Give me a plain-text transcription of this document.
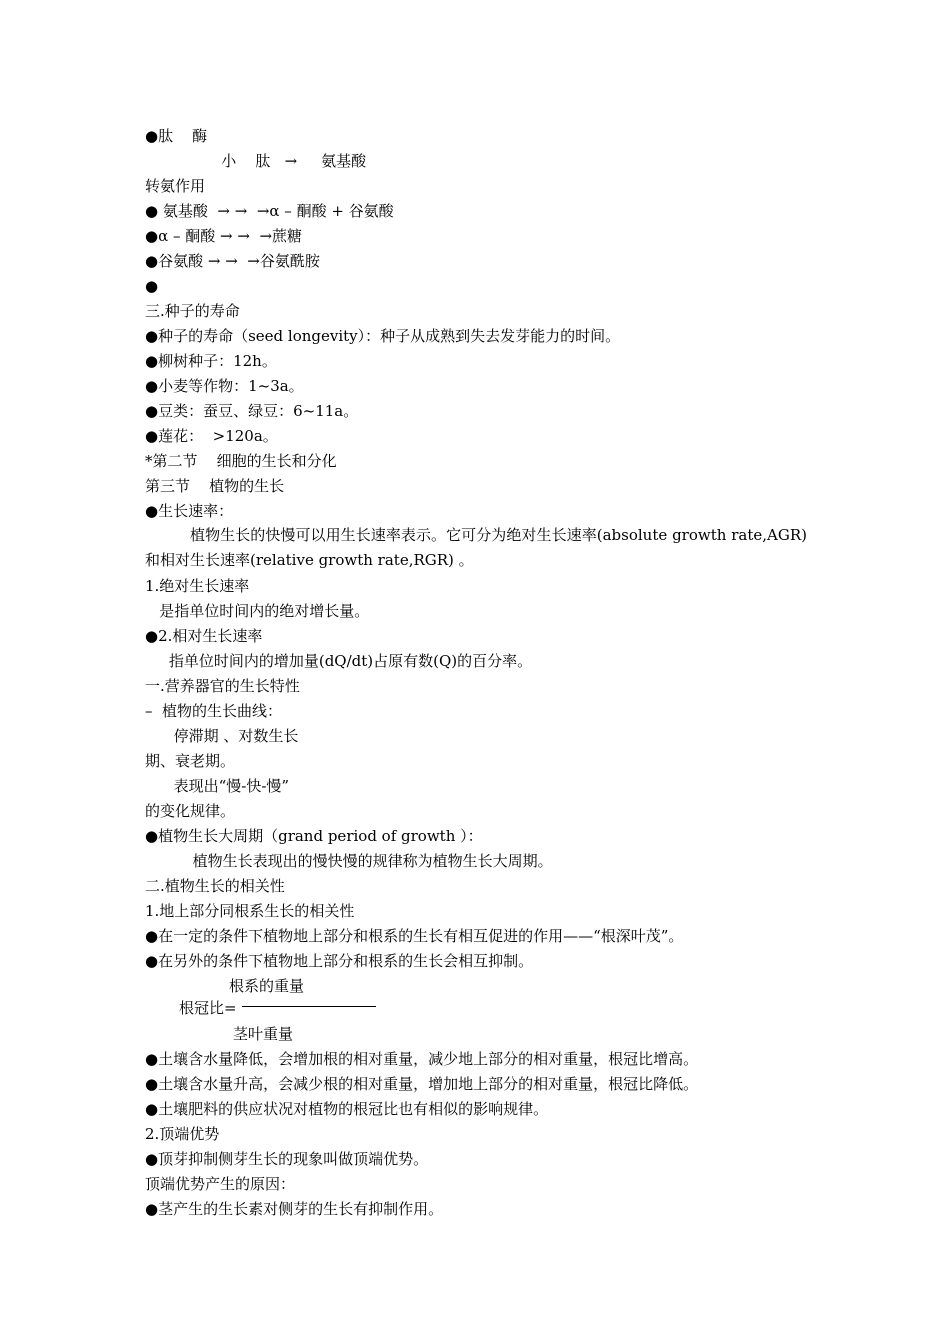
●肽    酶
小    肽   →     氨基酸
转氨作用
● 氨基酸  → →  →α – 酮酸 + 谷氨酸
●α – 酮酸 → →  →蔗糖
●谷氨酸 → →  →谷氨酰胺
●
三.种子的寿命
●种子的寿命（seed longevity）：种子从成熟到失去发芽能力的时间。
●柳树种子：12h。
●小麦等作物：1~3a。
●豆类：蚕豆、绿豆：6~11a。
●莲花：  >120a。
*第二节    细胞的生长和分化
第三节    植物的生长
●生长速率：
植物生长的快慢可以用生长速率表示。它可分为绝对生长速率(absolute growth rate,AGR)和相对生长速率(relative growth rate,RGR) 。
1.绝对生长速率
是指单位时间内的绝对增长量。
●2.相对生长速率
指单位时间内的增加量(dQ/dt)占原有数(Q)的百分率。
一.营养器官的生长特性
–  植物的生长曲线：
停滞期 、对数生长
期、衰老期。
表现出“慢-快-慢”
的变化规律。
●植物生长大周期（grand period of growth ）：
植物生长表现出的慢快慢的规律称为植物生长大周期。
二.植物生长的相关性
1.地上部分同根系生长的相关性
●在一定的条件下植物地上部分和根系的生长有相互促进的作用——“根深叶茂”。
●在另外的条件下植物地上部分和根系的生长会相互抑制。
根系的重量
根冠比=
茎叶重量
●土壤含水量降低，会增加根的相对重量，减少地上部分的相对重量，根冠比增高。
●土壤含水量升高，会减少根的相对重量，增加地上部分的相对重量，根冠比降低。
●土壤肥料的供应状况对植物的根冠比也有相似的影响规律。
2.顶端优势
●顶芽抑制侧芽生长的现象叫做顶端优势。
顶端优势产生的原因：
●茎产生的生长素对侧芽的生长有抑制作用。
